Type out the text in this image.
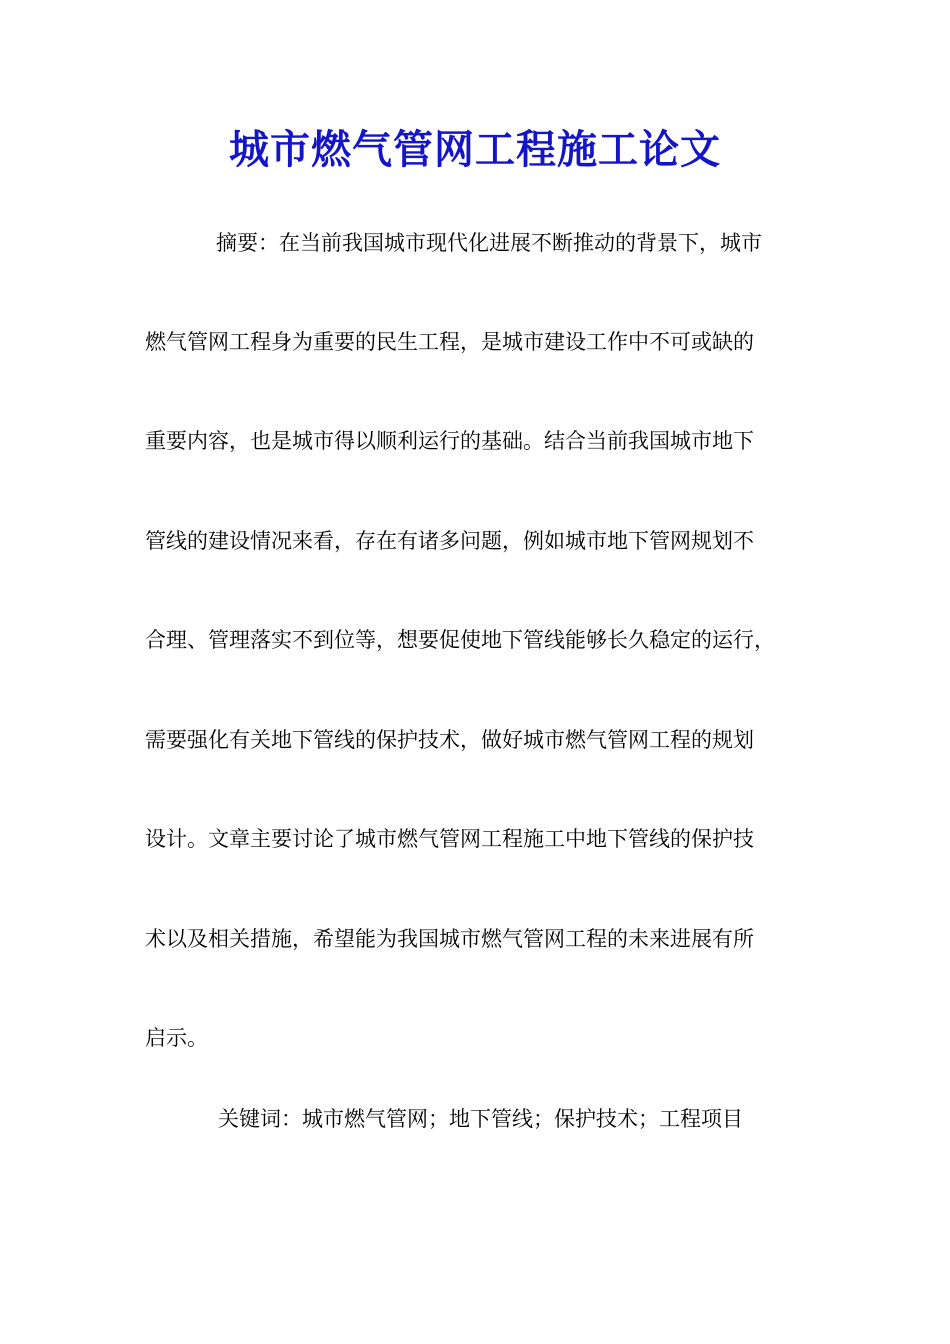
城市燃气管网工程施工论文
摘要：在当前我国城市现代化进展不断推动的背景下，城市
燃气管网工程身为重要的民生工程，是城市建设工作中不可或缺的
重要内容，也是城市得以顺利运行的基础。结合当前我国城市地下
管线的建设情况来看，存在有诸多问题，例如城市地下管网规划不
合理、管理落实不到位等，想要促使地下管线能够长久稳定的运行，
需要强化有关地下管线的保护技术，做好城市燃气管网工程的规划
设计。文章主要讨论了城市燃气管网工程施工中地下管线的保护技
术以及相关措施，希望能为我国城市燃气管网工程的未来进展有所
启示。
关键词：城市燃气管网；地下管线；保护技术；工程项目
